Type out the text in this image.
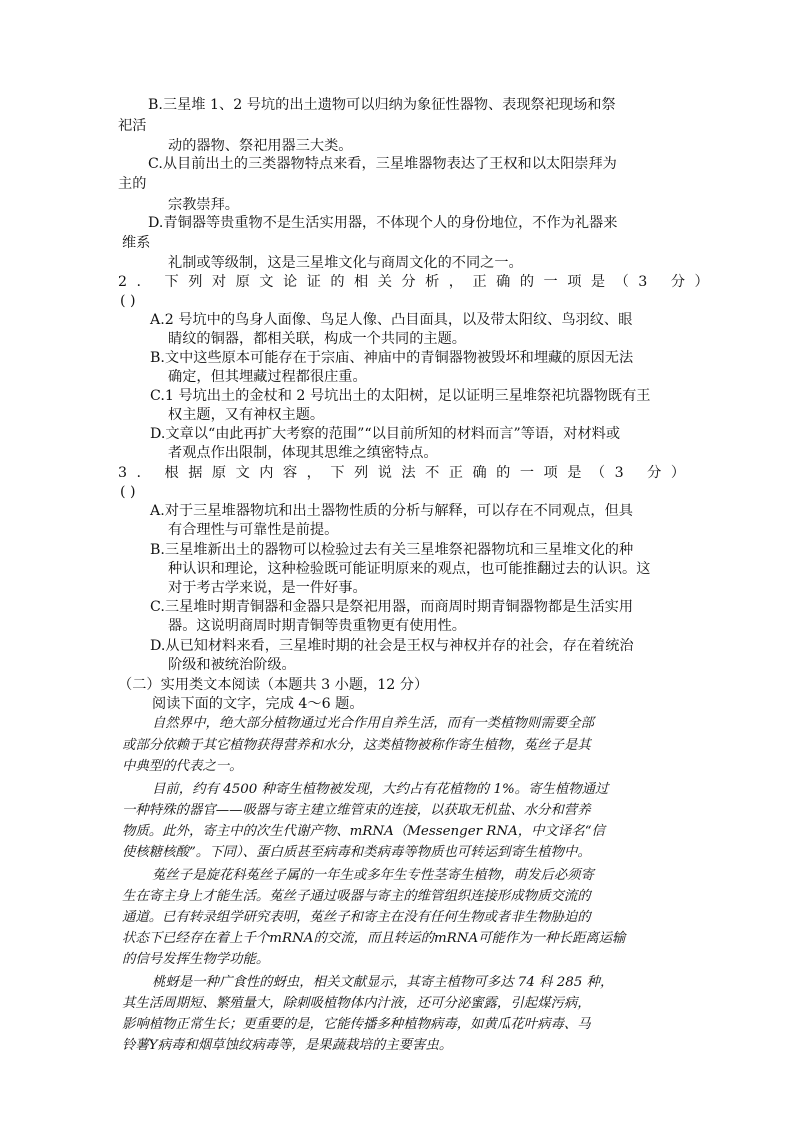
B.三星堆 1、2 号坑的出土遗物可以归纳为象征性器物、表现祭祀现场和祭
祀活
动的器物、祭祀用器三大类。
C.从目前出土的三类器物特点来看，三星堆器物表达了王权和以太阳崇拜为
主的
宗教崇拜。
D.青铜器等贵重物不是生活实用器，不体现个人的身份地位，不作为礼器来
维系
礼制或等级制，这是三星堆文化与商周文化的不同之一。
2. 下列对原文论证的相关分析，正确的一项是（3 分）
( )
A.2 号坑中的鸟身人面像、鸟足人像、凸目面具，以及带太阳纹、鸟羽纹、眼
睛纹的铜器，都相关联，构成一个共同的主题。
B.文中这些原本可能存在于宗庙、神庙中的青铜器物被毁坏和埋藏的原因无法
确定，但其埋藏过程都很庄重。
C.1 号坑出土的金杖和 2 号坑出土的太阳树，足以证明三星堆祭祀坑器物既有王
权主题，又有神权主题。
D.文章以“由此再扩大考察的范围”“以目前所知的材料而言”等语，对材料或
者观点作出限制，体现其思维之缜密特点。
3. 根据原文内容，下列说法不正确的一项是（3 分）
( )
A.对于三星堆器物坑和出土器物性质的分析与解释，可以存在不同观点，但具
有合理性与可靠性是前提。
B.三星堆新出土的器物可以检验过去有关三星堆祭祀器物坑和三星堆文化的种
种认识和理论，这种检验既可能证明原来的观点，也可能推翻过去的认识。这
对于考古学来说，是一件好事。
C.三星堆时期青铜器和金器只是祭祀用器，而商周时期青铜器物都是生活实用
器。这说明商周时期青铜等贵重物更有使用性。
D.从已知材料来看，三星堆时期的社会是王权与神权并存的社会，存在着统治
阶级和被统治阶级。
（二）实用类文本阅读（本题共 3 小题，12 分）
阅读下面的文字，完成 4～6 题。
自然界中，绝大部分植物通过光合作用自养生活，而有一类植物则需要全部
或部分依赖于其它植物获得营养和水分，这类植物被称作寄生植物，菟丝子是其
中典型的代表之一。
目前，约有 4500 种寄生植物被发现，大约占有花植物的 1%。寄生植物通过
一种特殊的器官——吸器与寄主建立维管束的连接，以获取无机盐、水分和营养
物质。此外，寄主中的次生代谢产物、mRNA（Messenger RNA，中文译名“信
使核糖核酸”。下同）、蛋白质甚至病毒和类病毒等物质也可转运到寄生植物中。
菟丝子是旋花科菟丝子属的一年生或多年生专性茎寄生植物，萌发后必须寄
生在寄主身上才能生活。菟丝子通过吸器与寄主的维管组织连接形成物质交流的
通道。已有转录组学研究表明，菟丝子和寄主在没有任何生物或者非生物胁迫的
状态下已经存在着上千个mRNA的交流，而且转运的mRNA可能作为一种长距离运输
的信号发挥生物学功能。
桃蚜是一种广食性的蚜虫，相关文献显示，其寄主植物可多达 74 科 285 种，
其生活周期短、繁殖量大，除刺吸植物体内汁液，还可分泌蜜露，引起煤污病，
影响植物正常生长；更重要的是，它能传播多种植物病毒，如黄瓜花叶病毒、马
铃薯Y病毒和烟草蚀纹病毒等，是果蔬栽培的主要害虫。
